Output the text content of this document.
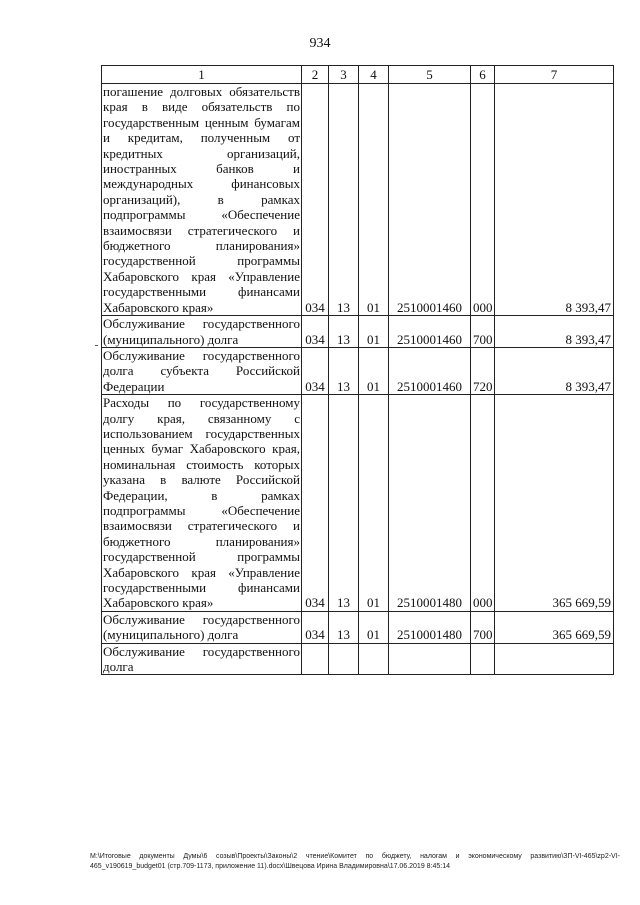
934
1	2	3	4	5	6	7
погашение долговых обязательств края в виде обязательств по государственным ценным бумагам и кредитам, полученным от кредитных организаций, иностранных банков и международных финансовых организаций), в рамках подпрограммы «Обеспечение взаимосвязи стратегического и бюджетного планирования» государственной программы Хабаровского края «Управление государственными финансами Хабаровского края»	034	13	01	2510001460	000	8 393,47
Обслуживание государственного (муниципального) долга	034	13	01	2510001460	700	8 393,47
Обслуживание государственного долга субъекта Российской Федерации	034	13	01	2510001460	720	8 393,47
Расходы по государственному долгу края, связанному с использованием государственных ценных бумаг Хабаровского края, номинальная стоимость которых указана в валюте Российской Федерации, в рамках подпрограммы «Обеспечение взаимосвязи стратегического и бюджетного планирования» государственной программы Хабаровского края «Управление государственными финансами Хабаровского края»	034	13	01	2510001480	000	365 669,59
Обслуживание государственного (муниципального) долга	034	13	01	2510001480	700	365 669,59
Обслуживание государственного долга						
M:\Итоговые документы Думы\6 созыв\Проекты\Законы\2 чтение\Комитет по бюджету, налогам и экономическому развитию\ЗП-VI-465\zp2-VI-465_v190619_budget01 (стр.709-1173, приложение 11).docx\Швецова Ирина Владимировна\17.06.2019 8:45:14
